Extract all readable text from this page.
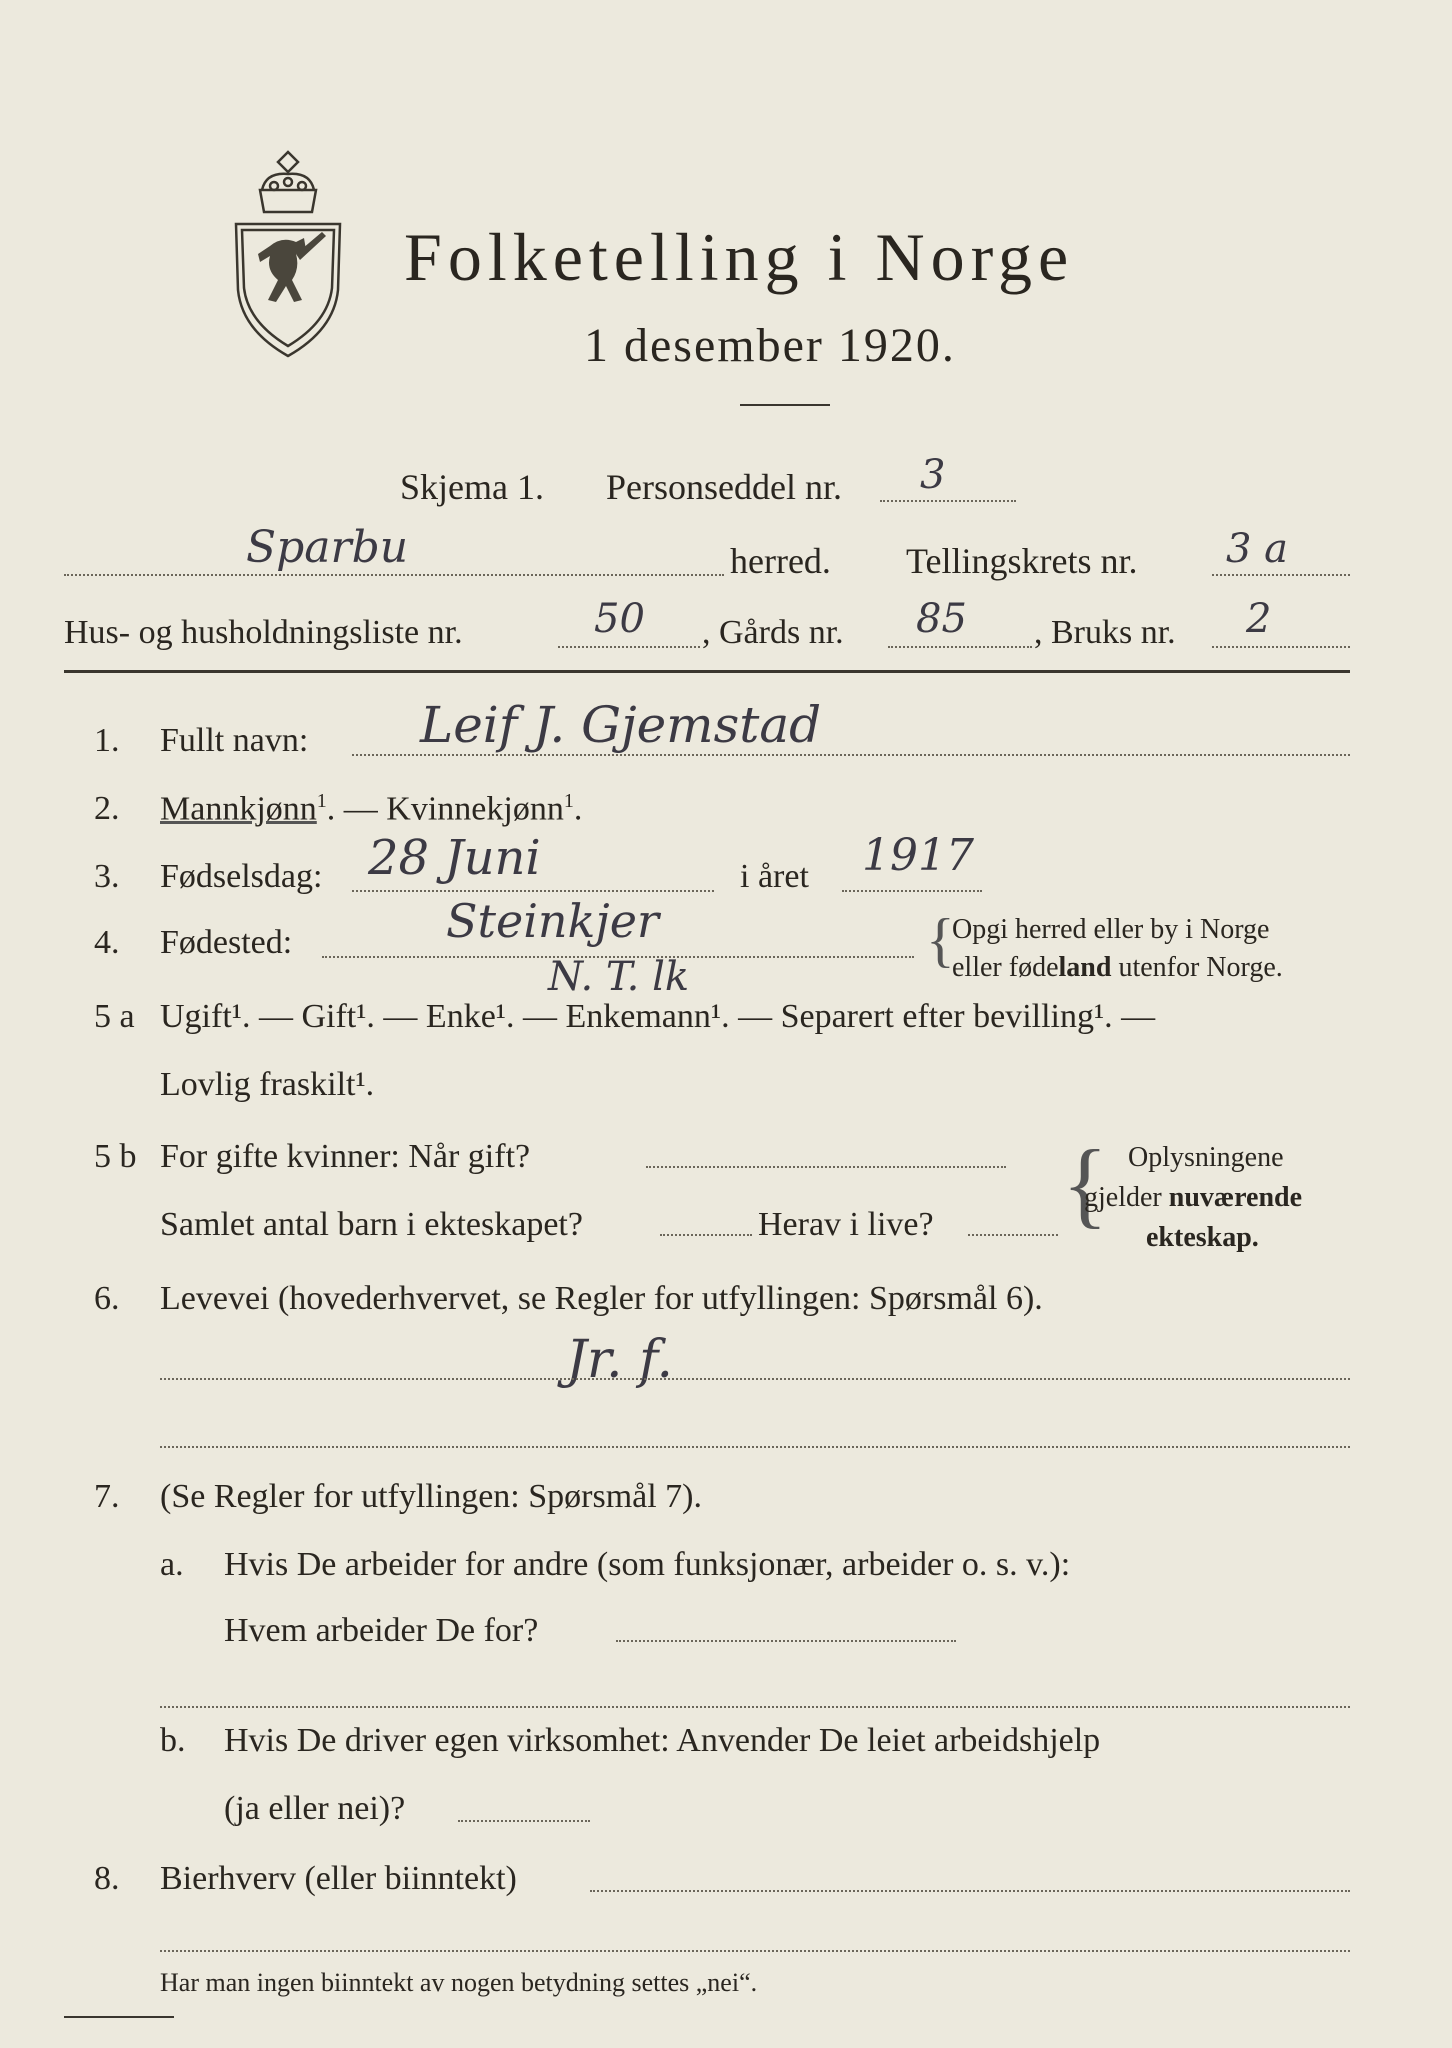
Folketelling i Norge
1 desember 1920.
Skjema 1. Personseddel nr. 3
Sparbu	herred. Tellingskrets nr. 3 a
Hus- og husholdningsliste nr.	50 , Gårds nr. 85 , Bruks nr. 2
1. Fullt navn: Leif J. Gjemstad
2. Mannkjønn$^1$. — Kvinnekjønn$^1$.
3. Fødselsdag: 28 Juni	i året 1917
4. Fødested:	Steinkjer
N. T. lk
{
Opgi herred eller by i Norge
eller fødeland utenfor Norge.
5 a Ugift¹. — Gift¹. — Enke¹. — Enkemann¹. — Separert efter bevilling¹. —
Lovlig fraskilt¹.
5 b For gifte kvinner: Når gift?
Samlet antal barn i ekteskapet?	Herav i live? { Oplysningene
gjelder nuværende
ekteskap.
6. Levevei (hovederhvervet, se Regler for utfyllingen: Spørsmål 6).
Jr. f.
7. (Se Regler for utfyllingen: Spørsmål 7).
a. Hvis De arbeider for andre (som funksjonær, arbeider o. s. v.):
Hvem arbeider De for?
b. Hvis De driver egen virksomhet: Anvender De leiet arbeidshjelp
(ja eller nei)?
8. Bierhverv (eller biinntekt)
Har man ingen biinntekt av nogen betydning settes „nei“.
